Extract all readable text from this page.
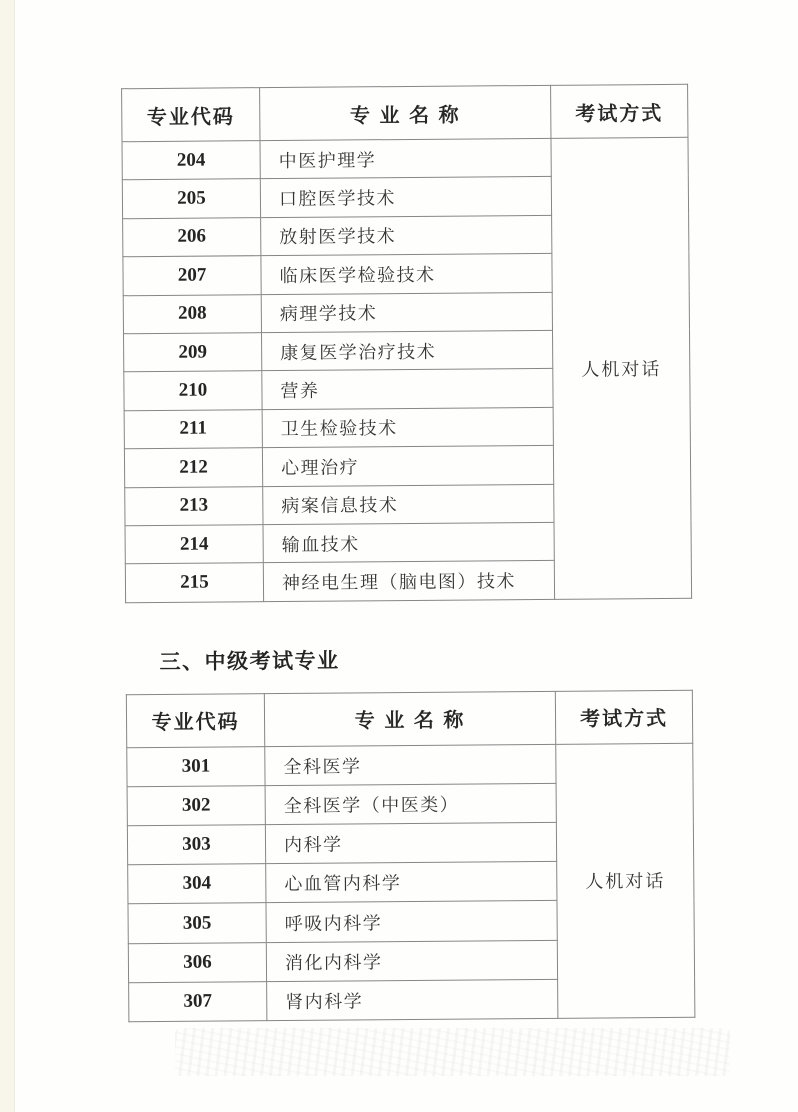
专业代码	专 业 名 称	考试方式
204	中医护理学	人机对话
205	口腔医学技术	
206	放射医学技术	
207	临床医学检验技术	
208	病理学技术	
209	康复医学治疗技术	
210	营养	
211	卫生检验技术	
212	心理治疗	
213	病案信息技术	
214	输血技术	
215	神经电生理（脑电图）技术	
三、中级考试专业
专业代码	专 业 名 称	考试方式
301	全科医学	人机对话
302	全科医学（中医类）	
303	内科学	
304	心血管内科学	
305	呼吸内科学	
306	消化内科学	
307	肾内科学	
